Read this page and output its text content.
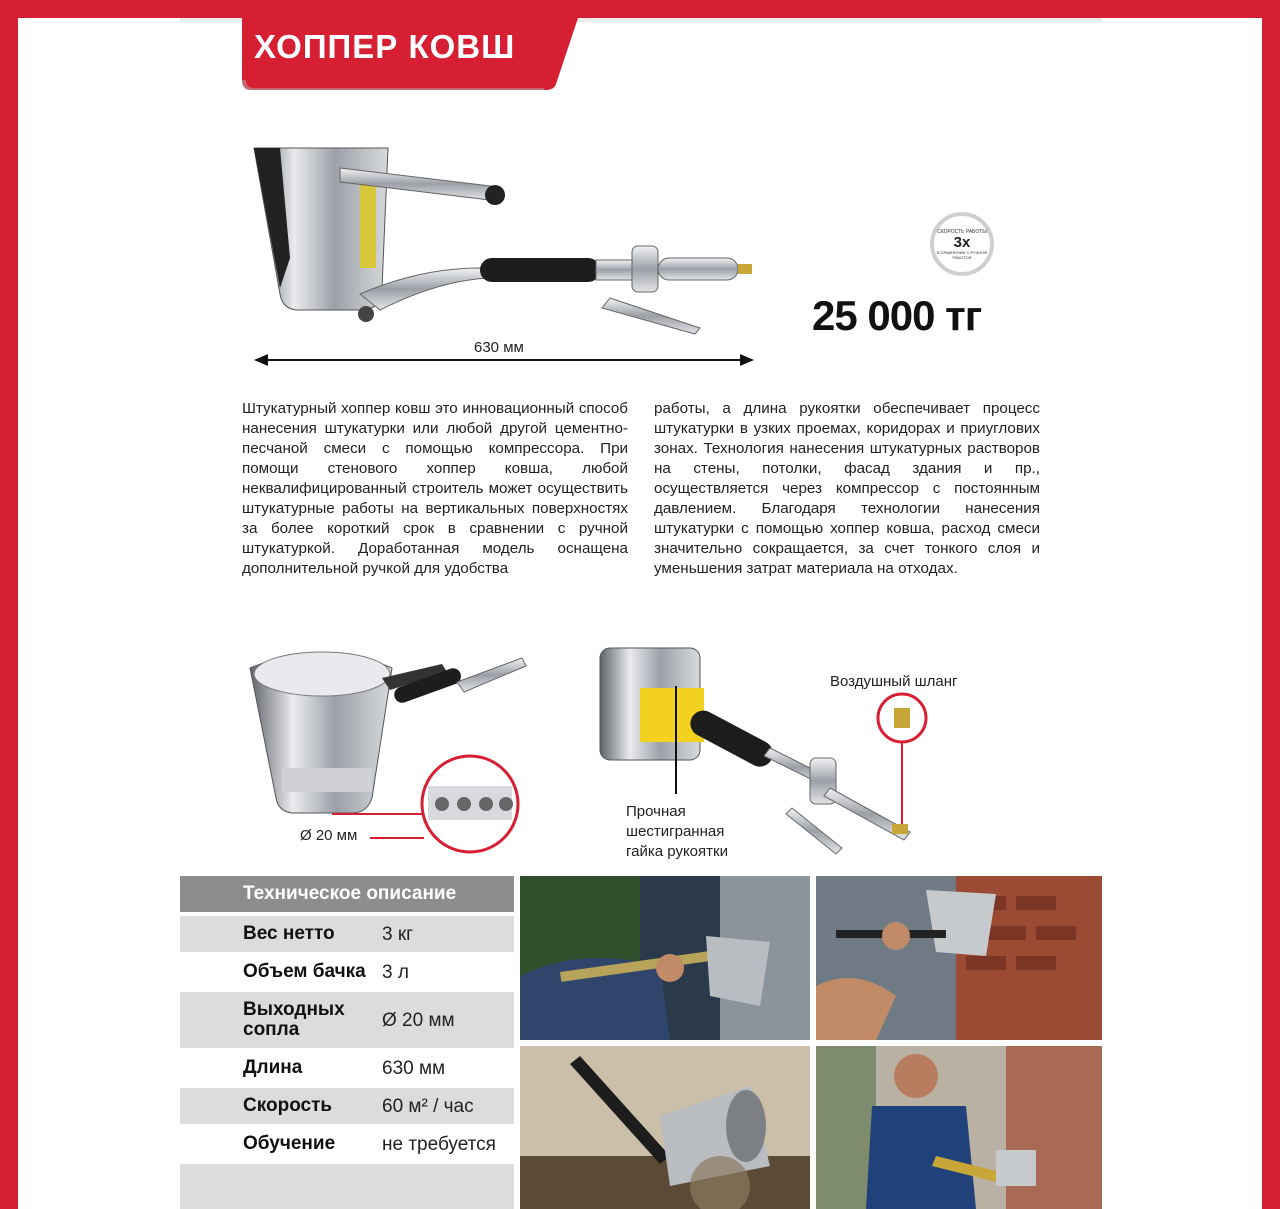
ХОППЕР КОВШ
630 мм
СКОРОСТЬ РАБОТЫ
3x
В СРАВНЕНИИ С РУЧНОЙ РАБОТОЙ
25 000 тг

Штукатурный хоппер ковш это инновационный способ нанесения штукатурки или любой другой цементно-песчаной смеси с помощью компрессора. При помощи стенового хоппер ковша, любой неквалифицированный строитель может осуществить штукатурные работы на вертикальных поверхностях за более короткий срок в сравнении с ручной штукатуркой. Доработанная модель оснащена дополнительной ручкой для удобства

работы, а длина рукоятки обеспечивает процесс штукатурки в узких проемах, коридорах и приуглових зонах. Технология нанесения штукатурных растворов на стены, потолки, фасад здания и пр., осуществляется через компрессор с постоянным давлением. Благодаря технологии нанесения штукатурки с помощью хоппер ковша, расход смеси значительно сокращается, за счет тонкого слоя и уменьшения затрат материала на отходах.

Ø 20 мм
Воздушный шланг
Прочная
шестигранная
гайка рукоятки
Техническое описание
Вес нетто 3 кг
Объем бачка 3 л
Выходных сопла	Ø 20 мм
Длина	630 мм
Скорость	60 м² / час
Обучение не требуется
